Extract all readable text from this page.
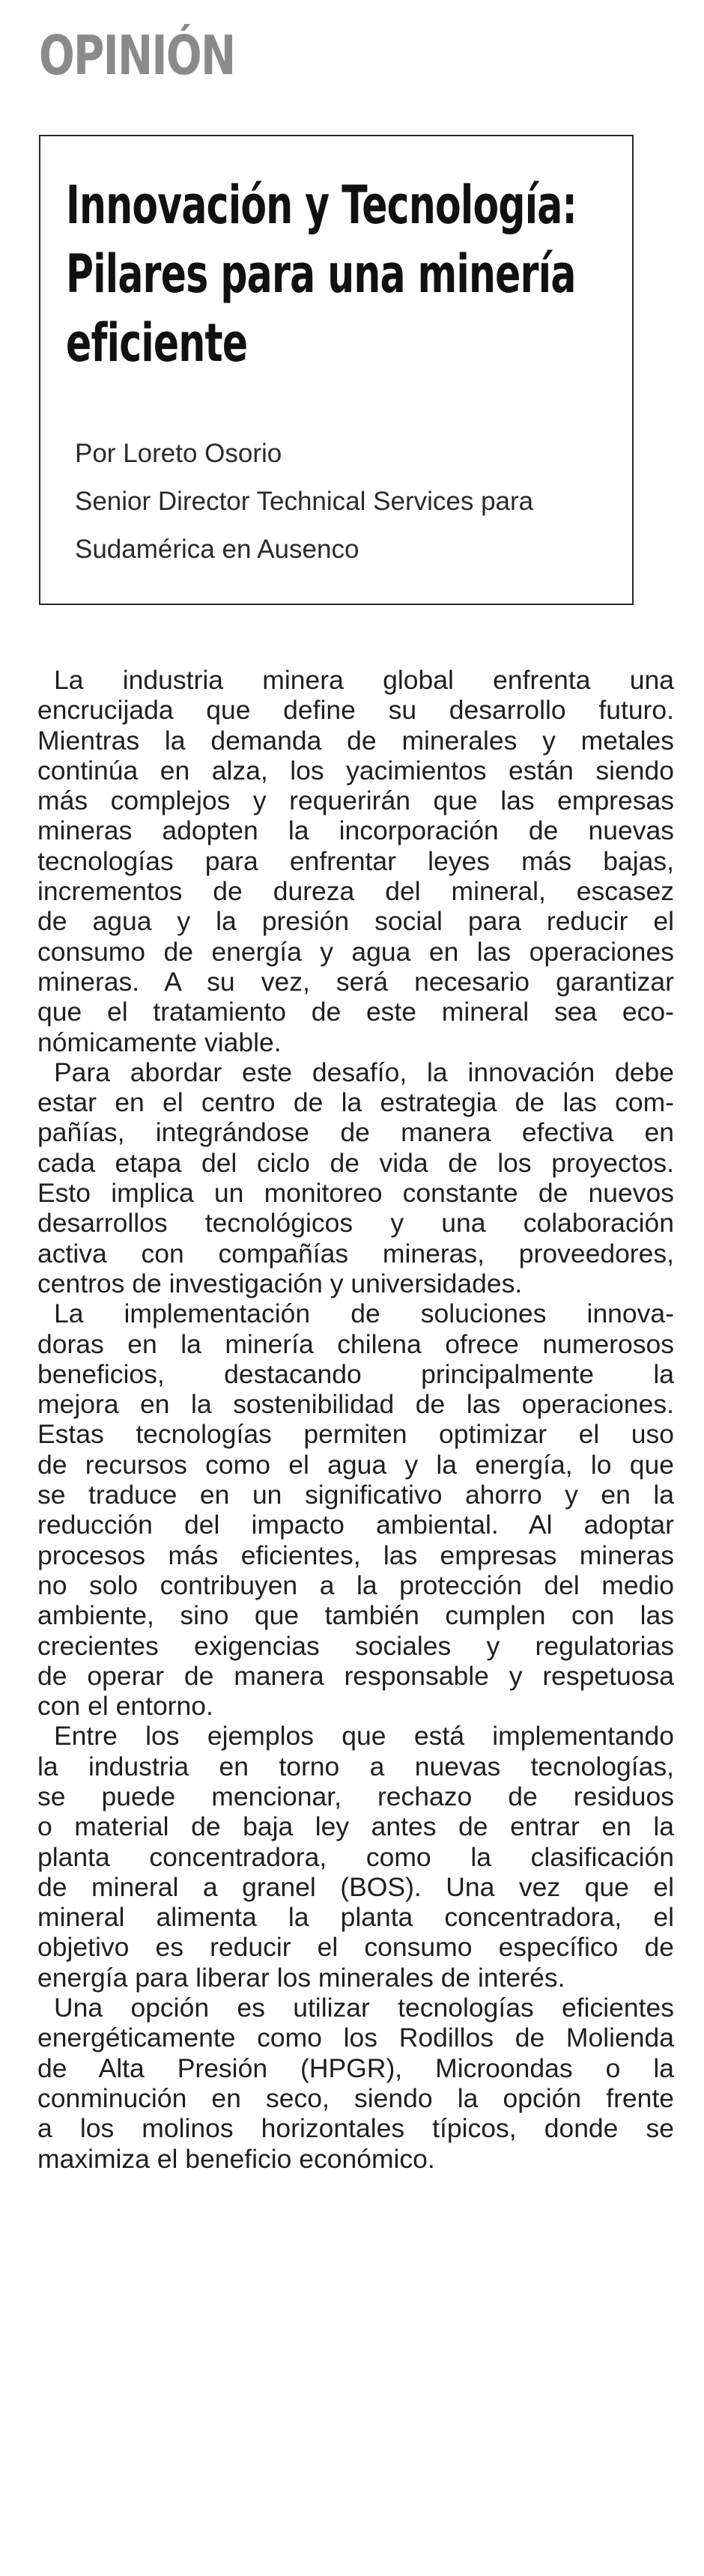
OPINIÓN
Innovación y Tecnología:
Pilares para una minería
eficiente
Por Loreto Osorio
Senior Director Technical Services para
Sudamérica en Ausenco
La industria minera global enfrenta una
encrucijada que define su desarrollo futuro.
Mientras la demanda de minerales y metales
continúa en alza, los yacimientos están siendo
más complejos y requerirán que las empresas
mineras adopten la incorporación de nuevas
tecnologías para enfrentar leyes más bajas,
incrementos de dureza del mineral, escasez
de agua y la presión social para reducir el
consumo de energía y agua en las operaciones
mineras. A su vez, será necesario garantizar
que el tratamiento de este mineral sea eco-
nómicamente viable.
Para abordar este desafío, la innovación debe
estar en el centro de la estrategia de las com-
pañías, integrándose de manera efectiva en
cada etapa del ciclo de vida de los proyectos.
Esto implica un monitoreo constante de nuevos
desarrollos tecnológicos y una colaboración
activa con compañías mineras, proveedores,
centros de investigación y universidades.
La implementación de soluciones innova-
doras en la minería chilena ofrece numerosos
beneficios, destacando principalmente la
mejora en la sostenibilidad de las operaciones.
Estas tecnologías permiten optimizar el uso
de recursos como el agua y la energía, lo que
se traduce en un significativo ahorro y en la
reducción del impacto ambiental. Al adoptar
procesos más eficientes, las empresas mineras
no solo contribuyen a la protección del medio
ambiente, sino que también cumplen con las
crecientes exigencias sociales y regulatorias
de operar de manera responsable y respetuosa
con el entorno.
Entre los ejemplos que está implementando
la industria en torno a nuevas tecnologías,
se puede mencionar, rechazo de residuos
o material de baja ley antes de entrar en la
planta concentradora, como la clasificación
de mineral a granel (BOS). Una vez que el
mineral alimenta la planta concentradora, el
objetivo es reducir el consumo específico de
energía para liberar los minerales de interés.
Una opción es utilizar tecnologías eficientes
energéticamente como los Rodillos de Molienda
de Alta Presión (HPGR), Microondas o la
conminución en seco, siendo la opción frente
a los molinos horizontales típicos, donde se
maximiza el beneficio económico.
